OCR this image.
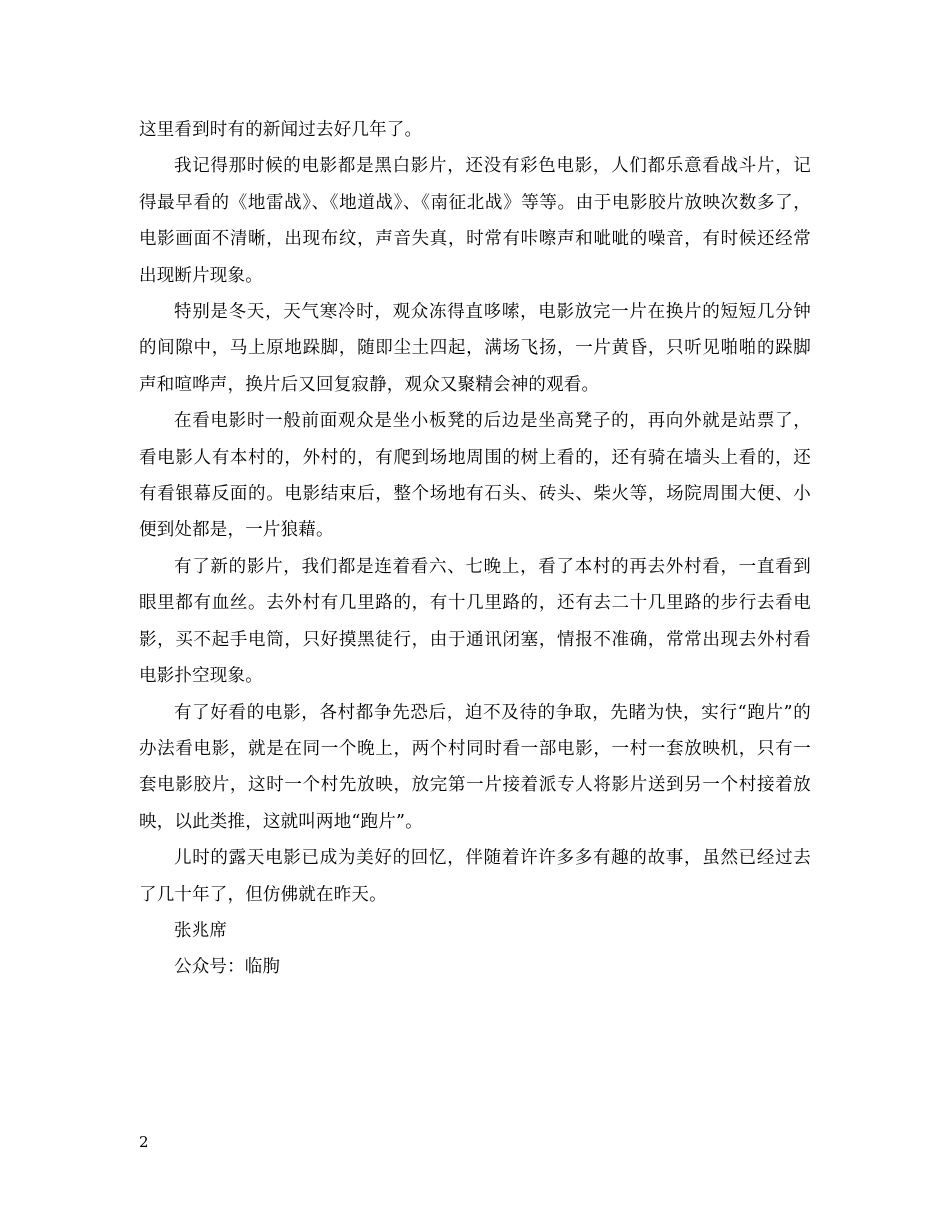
这里看到时有的新闻过去好几年了。

我记得那时候的电影都是黑白影片，还没有彩色电影，人们都乐意看战斗片，记得最早看的《地雷战》、《地道战》、《南征北战》等等。由于电影胶片放映次数多了，电影画面不清晰，出现布纹，声音失真，时常有咔嚓声和呲呲的噪音，有时候还经常出现断片现象。

特别是冬天，天气寒冷时，观众冻得直哆嗦，电影放完一片在换片的短短几分钟的间隙中，马上原地跺脚，随即尘土四起，满场飞扬，一片黄昏，只听见啪啪的跺脚声和喧哗声，换片后又回复寂静，观众又聚精会神的观看。

在看电影时一般前面观众是坐小板凳的后边是坐高凳子的，再向外就是站票了，看电影人有本村的，外村的，有爬到场地周围的树上看的，还有骑在墙头上看的，还有看银幕反面的。电影结束后，整个场地有石头、砖头、柴火等，场院周围大便、小便到处都是，一片狼藉。

有了新的影片，我们都是连着看六、七晚上，看了本村的再去外村看，一直看到眼里都有血丝。去外村有几里路的，有十几里路的，还有去二十几里路的步行去看电影，买不起手电筒，只好摸黑徒行，由于通讯闭塞，情报不准确，常常出现去外村看电影扑空现象。

有了好看的电影，各村都争先恐后，迫不及待的争取，先睹为快，实行“跑片”的办法看电影，就是在同一个晚上，两个村同时看一部电影，一村一套放映机，只有一套电影胶片，这时一个村先放映，放完第一片接着派专人将影片送到另一个村接着放映，以此类推，这就叫两地“跑片”。

儿时的露天电影已成为美好的回忆，伴随着许许多多有趣的故事，虽然已经过去了几十年了，但仿佛就在昨天。

张兆席

公众号：临朐

2
